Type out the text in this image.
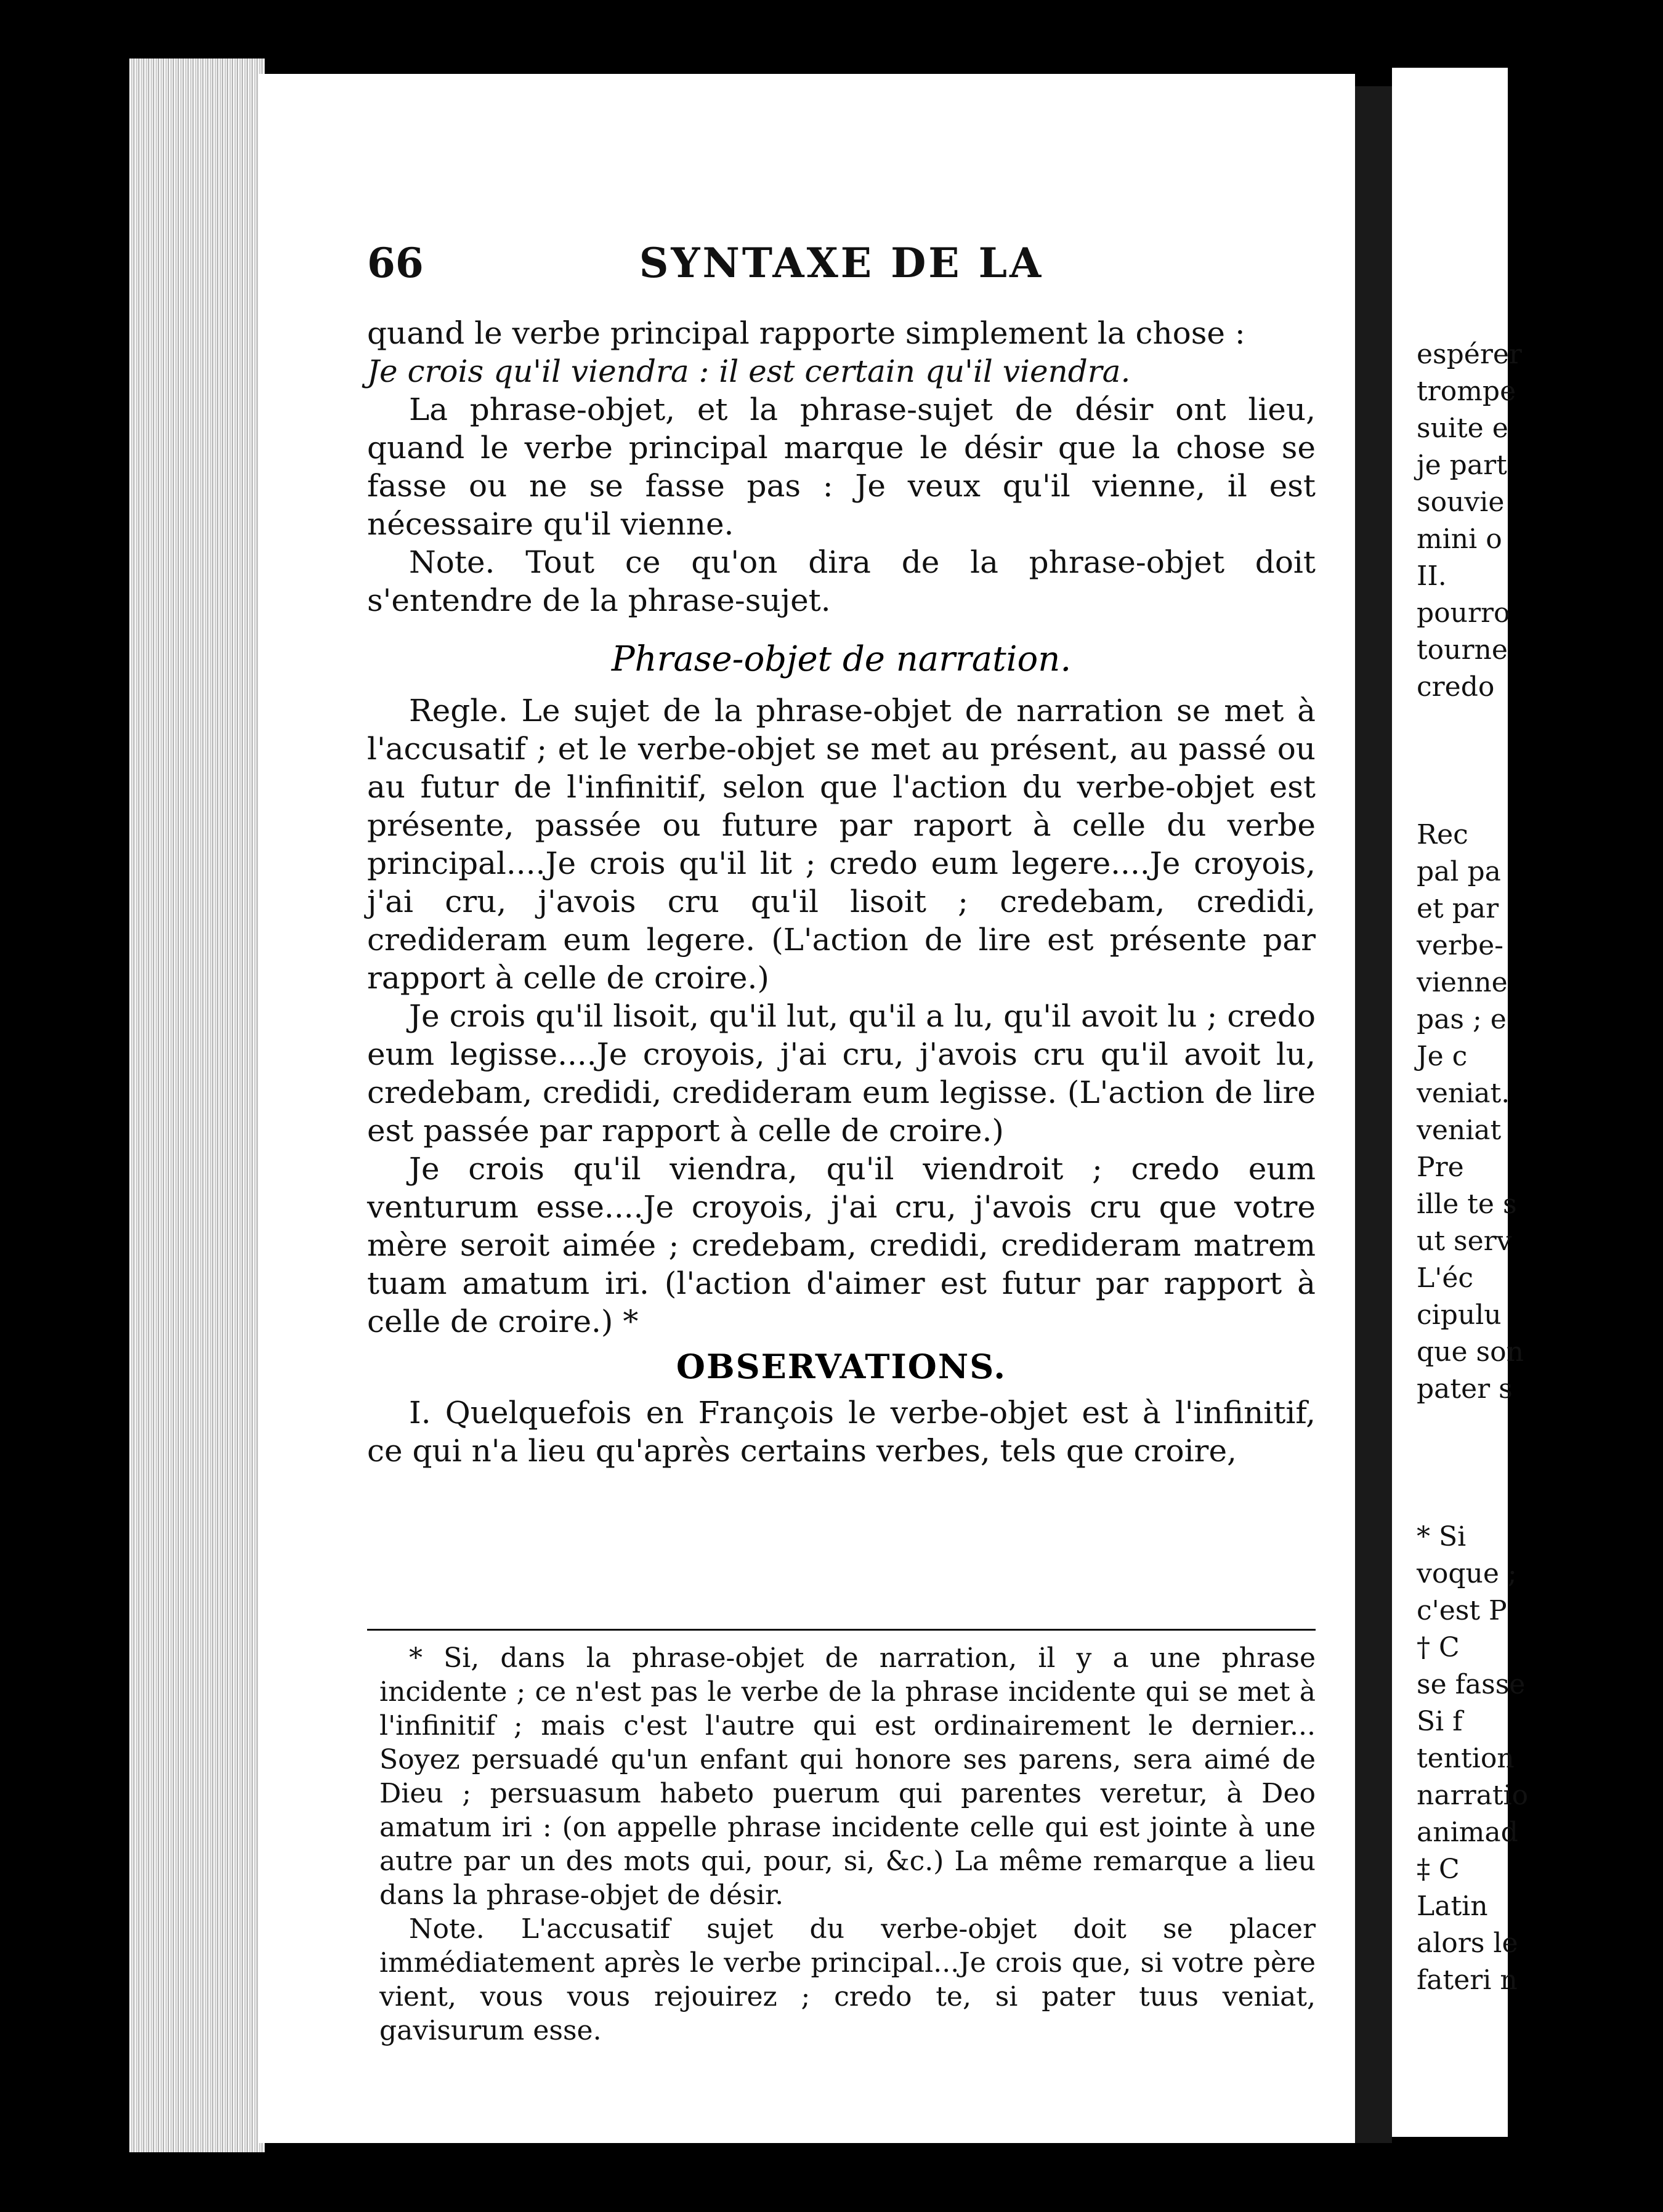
66	SYNTAXE DE LA

quand le verbe principal rapporte simplement la chose :

Je crois qu'il viendra : il est certain qu'il viendra.

La phrase-objet, et la phrase-sujet de désir ont lieu, quand le verbe principal marque le désir que la chose se fasse ou ne se fasse pas : Je veux qu'il vienne, il est nécessaire qu'il vienne.

Note. Tout ce qu'on dira de la phrase-objet doit s'entendre de la phrase-sujet.

Phrase-objet de narration.

Regle. Le sujet de la phrase-objet de narration se met à l'accusatif ; et le verbe-objet se met au présent, au passé ou au futur de l'infinitif, selon que l'action du verbe-objet est présente, passée ou future par raport à celle du verbe principal....Je crois qu'il lit ; credo eum legere....Je croyois, j'ai cru, j'avois cru qu'il lisoit ; credebam, credidi, credideram eum legere. (L'action de lire est présente par rapport à celle de croire.)

Je crois qu'il lisoit, qu'il lut, qu'il a lu, qu'il avoit lu ; credo eum legisse....Je croyois, j'ai cru, j'avois cru qu'il avoit lu, credebam, credidi, credideram eum legisse. (L'action de lire est passée par rapport à celle de croire.)

Je crois qu'il viendra, qu'il viendroit ; credo eum venturum esse....Je croyois, j'ai cru, j'avois cru que votre mère seroit aimée ; credebam, credidi, credideram matrem tuam amatum iri. (l'action d'aimer est futur par rapport à celle de croire.) *

OBSERVATIONS.

I. Quelquefois en François le verbe-objet est à l'infinitif, ce qui n'a lieu qu'après certains verbes, tels que croire,

* Si, dans la phrase-objet de narration, il y a une phrase incidente ; ce n'est pas le verbe de la phrase incidente qui se met à l'infinitif ; mais c'est l'autre qui est ordinairement le dernier... Soyez persuadé qu'un enfant qui honore ses parens, sera aimé de Dieu ; persuasum habeto puerum qui parentes veretur, à Deo amatum iri : (on appelle phrase incidente celle qui est jointe à une autre par un des mots qui, pour, si, &c.) La même remarque a lieu dans la phrase-objet de désir.

Note. L'accusatif sujet du verbe-objet doit se placer immédiatement après le verbe principal...Je crois que, si votre père vient, vous vous rejouirez ; credo te, si pater tuus veniat, gavisurum esse.

espérer
trompe
suite e
je part
souvie
mini o
II.
pourro
tourne
credo
Rec
pal pa
et par
verbe-
vienne
pas ; e
Je c
veniat.
veniat
Pre
ille te s
ut serv
L'éc
cipulu
que son
pater s
* Si
voque ;
c'est P
† C
se fasse
Si f
tention
narratio
animad
‡ C
Latin
alors le
fateri n
